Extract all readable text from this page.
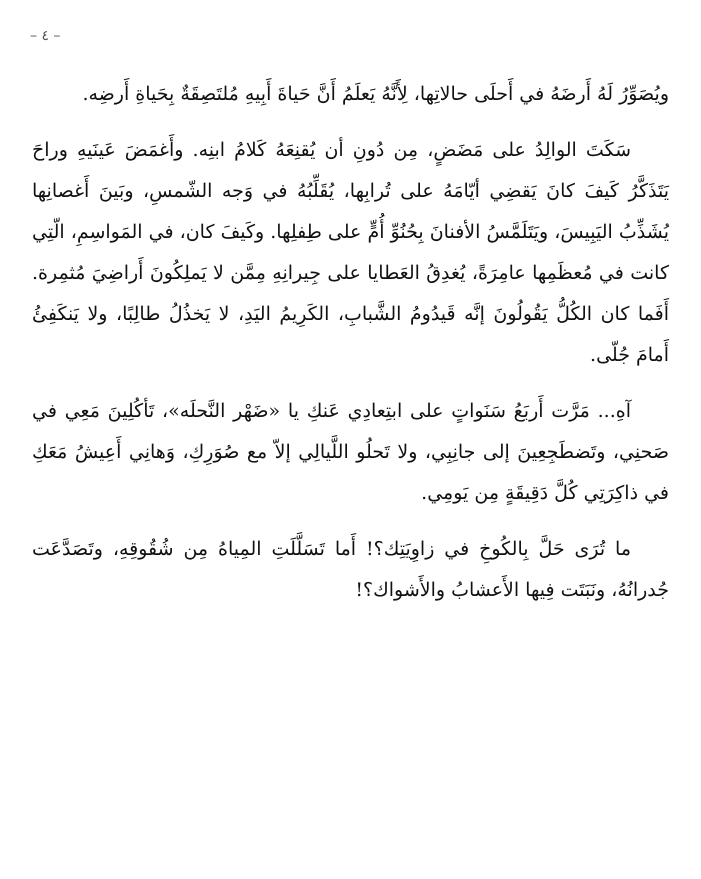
– ٤ –

ويُصَوِّرُ لَهُ أَرضَهُ في أَحلَى حالاتِها، لِأَنَّهُ يَعلَمُ أَنَّ حَياةَ أَبِيهِ مُلتَصِقَةٌ بِحَياةِ أَرضِه.

سَكَتَ الوالِدُ على مَضَضٍ، مِن دُونِ أن يُقنِعَهُ كَلامُ ابنِه. وأَغمَضَ عَينَيهِ وراحَ يَتَذَكَّرُ كَيفَ كانَ يَقضِي أيّامَهُ على تُرابِها، يُقَلِّبُهُ في وَجه الشّمسِ، وبَينَ أَغصانِها يُشَذِّبُ اليَبِيسَ، ويَتَلَمَّسُ الأفنانَ بِحُنُوِّ أُمٍّ على طِفلِها. وكَيفَ كان، في المَواسِمِ، الّتِي كانت في مُعظَمِها عامِرَةً، يُغدِقُ العَطايا على جِيرانِهِ مِمَّن لا يَملِكُونَ أَراضِيَ مُثمِرة. أَفَما كان الكُلُّ يَقُولُونَ إنَّه قَيدُومُ الشَّبابِ، الكَرِيمُ اليَدِ، لا يَخذُلُ طالِبًا، ولا يَنكَفِئُ أَمامَ جُلّى.

آهِ... مَرَّت أَربَعُ سَنَواتٍ على ابتِعادِي عَنكِ يا «ضَهْر النَّحلَه»، تَأكُلِينَ مَعِي في صَحنِي، وتَضطَجِعِينَ إلى جانِبِي، ولا تَحلُو اللَّيالِي إلاّ مع صُوَرِكِ، وَهانِي أَعِيشُ مَعَكِ في ذاكِرَتِي كُلَّ دَقِيقَةٍ مِن يَومِي.

ما تُرَى حَلَّ بِالكُوخِ في زاوِيَتِك؟! أَما تَسَلَّلَتِ المِياهُ مِن شُقُوقِهِ، وتَصَدَّعَت جُدرانُهُ، ونَبَتَت فِيها الأَعشابُ والأَشواك؟!
